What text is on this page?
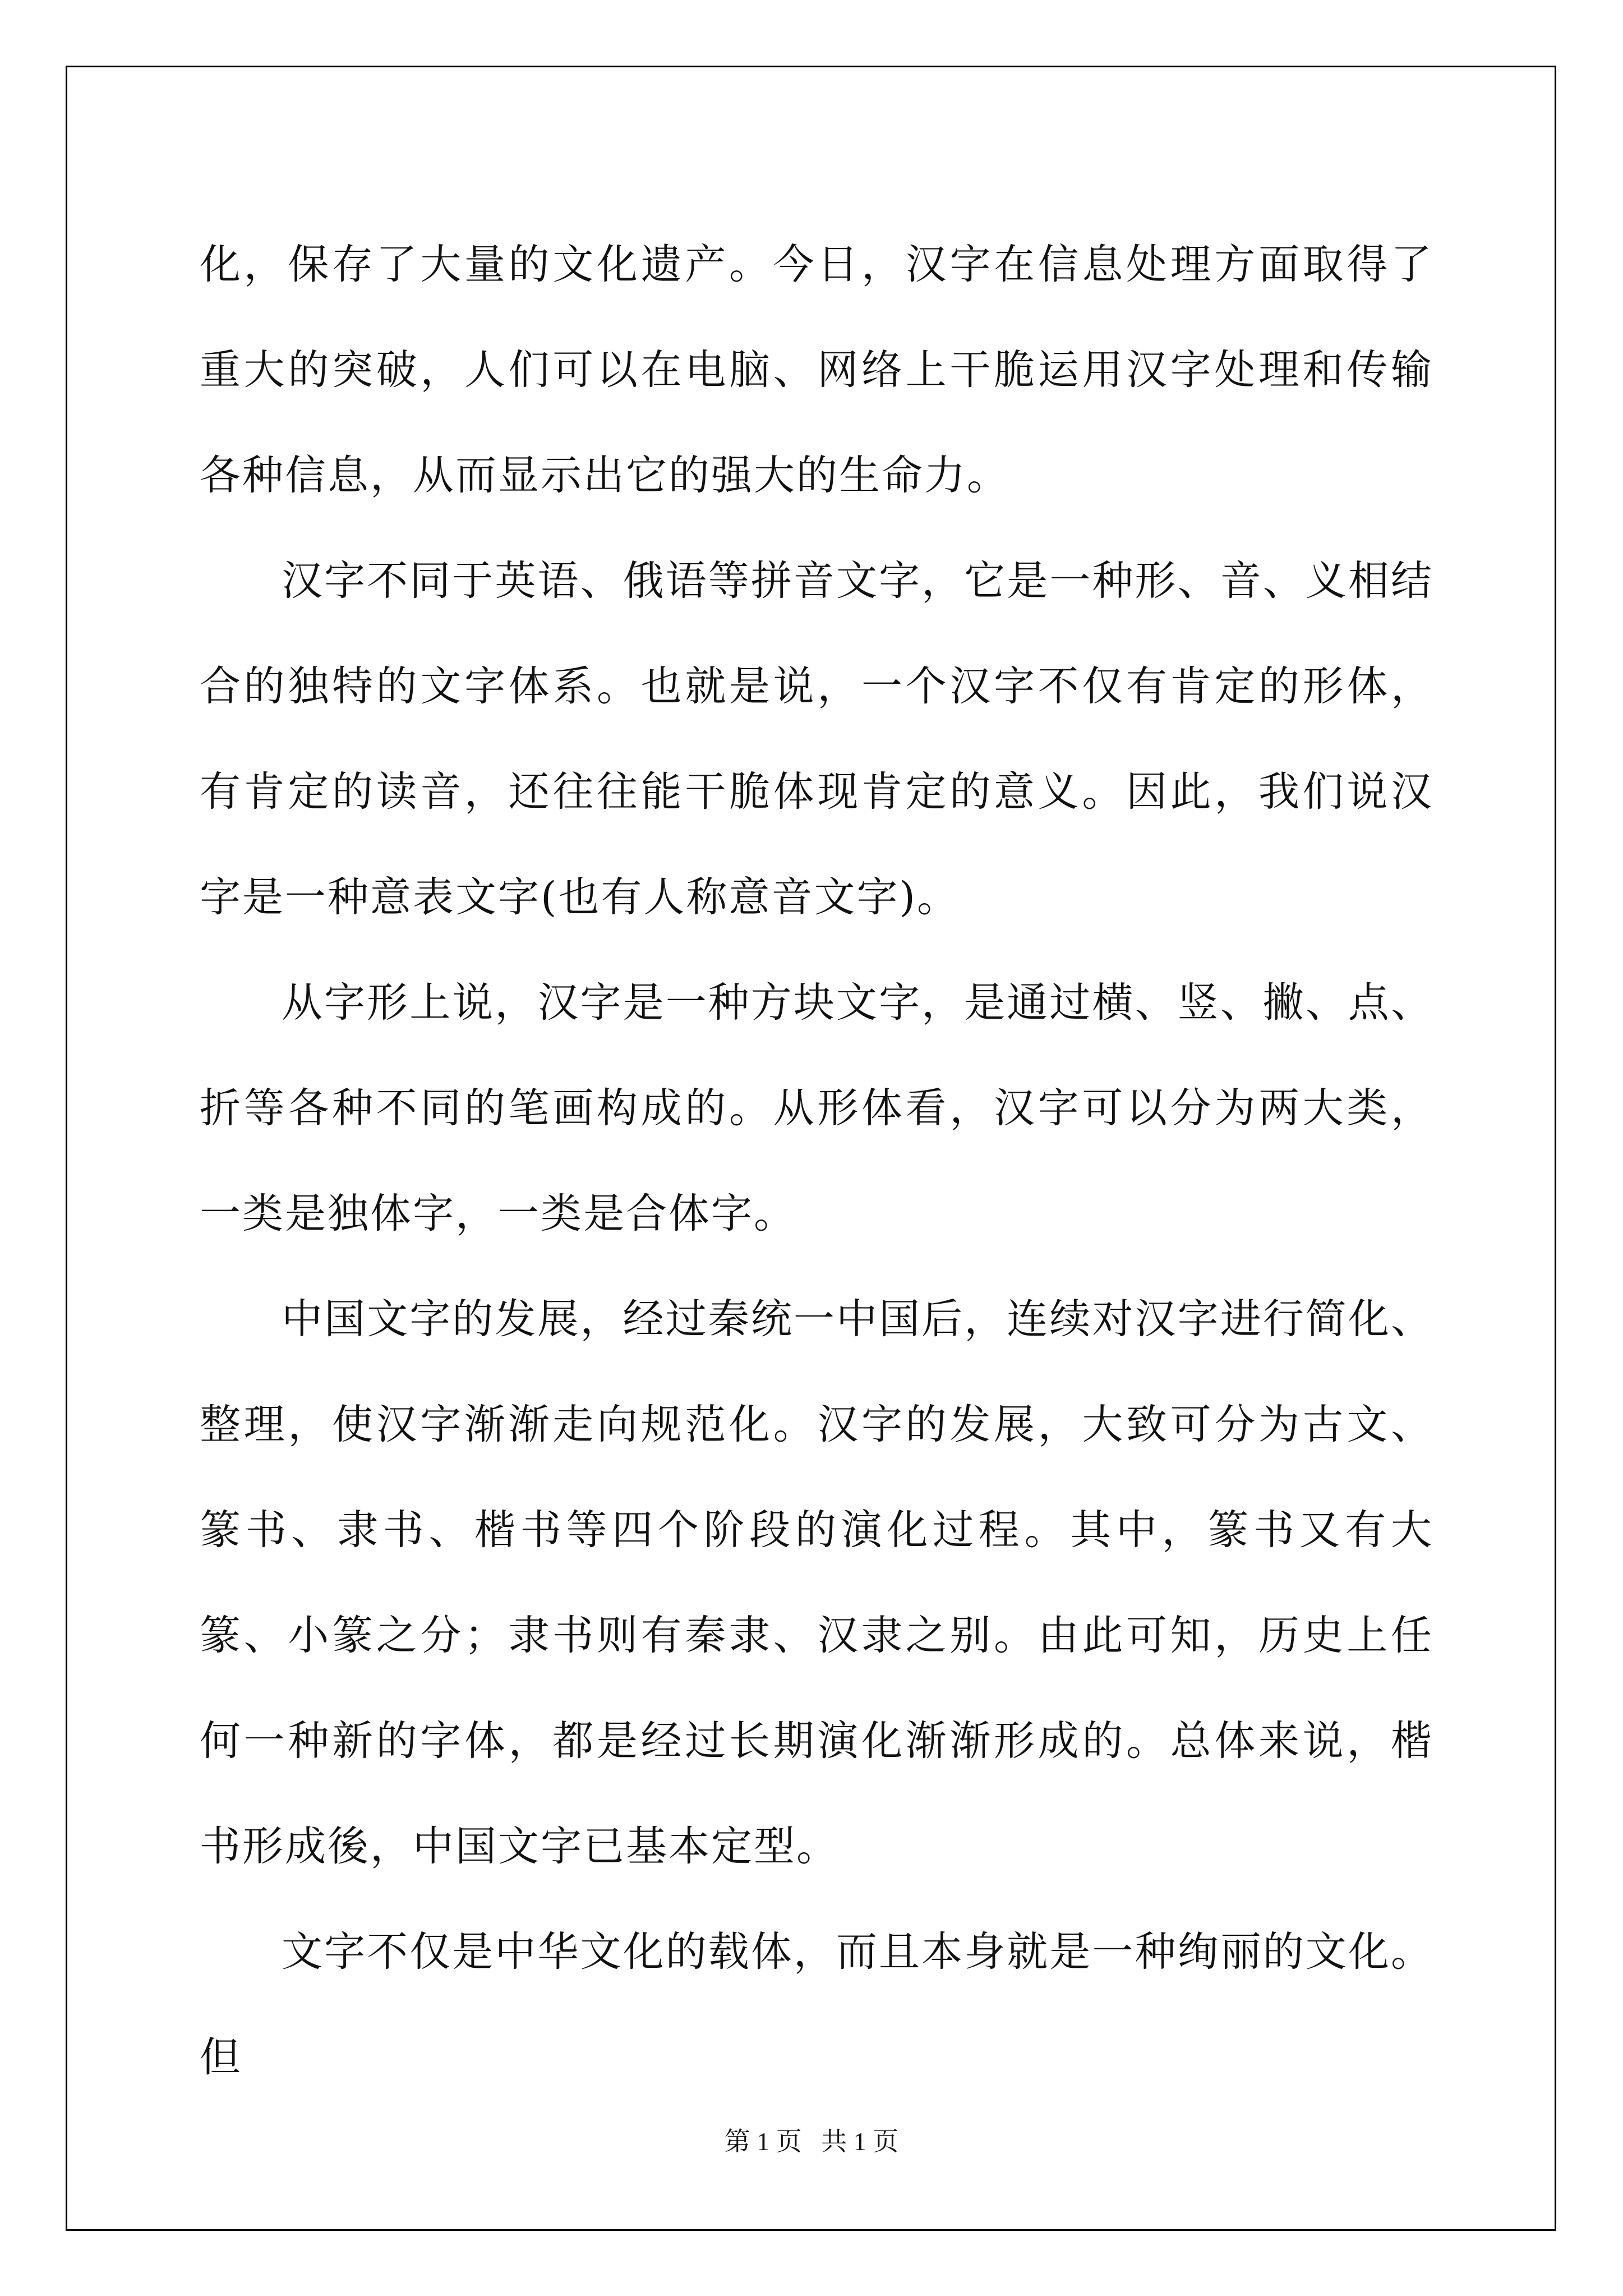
化，保存了大量的文化遗产。今日，汉字在信息处理方面取得了重大的突破，人们可以在电脑、网络上干脆运用汉字处理和传输各种信息，从而显示出它的强大的生命力。

汉字不同于英语、俄语等拼音文字，它是一种形、音、义相结合的独特的文字体系。也就是说，一个汉字不仅有肯定的形体，有肯定的读音，还往往能干脆体现肯定的意义。因此，我们说汉字是一种意表文字(也有人称意音文字)。

从字形上说，汉字是一种方块文字，是通过横、竖、撇、点、折等各种不同的笔画构成的。从形体看，汉字可以分为两大类，一类是独体字，一类是合体字。

中国文字的发展，经过秦统一中国后，连续对汉字进行简化、整理，使汉字渐渐走向规范化。汉字的发展，大致可分为古文、篆书、隶书、楷书等四个阶段的演化过程。其中，篆书又有大篆、小篆之分；隶书则有秦隶、汉隶之别。由此可知，历史上任何一种新的字体，都是经过长期演化渐渐形成的。总体来说，楷书形成後，中国文字已基本定型。

文字不仅是中华文化的载体，而且本身就是一种绚丽的文化。但

第 1 页 共 1 页
